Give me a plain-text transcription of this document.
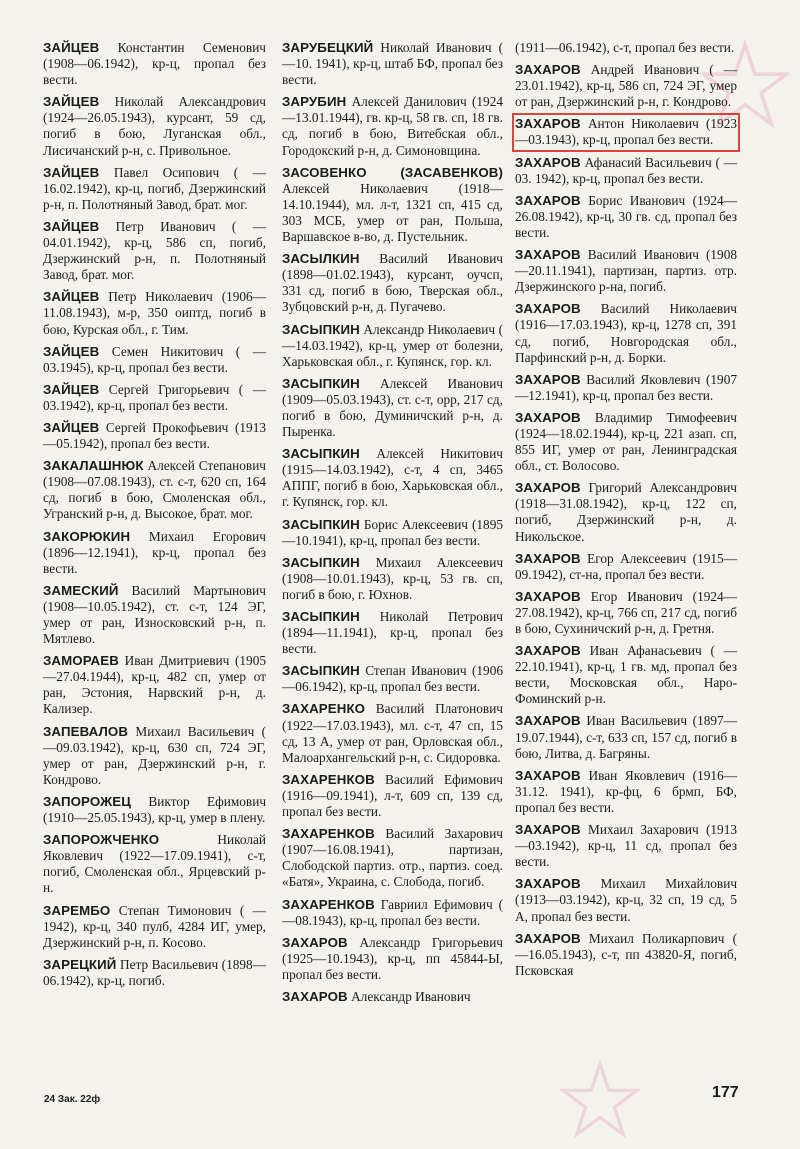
ЗАЙЦЕВ Константин Семенович (1908—06.1942), кр-ц, пропал без вести.
ЗАЙЦЕВ Николай Александрович (1924—26.05.1943), курсант, 59 сд, погиб в бою, Луганская обл., Лисичанский р-н, с. Привольное.
ЗАЙЦЕВ Павел Осипович ( —16.02.1942), кр-ц, погиб, Дзержинский р-н, п. Полотняный Завод, брат. мог.
ЗАЙЦЕВ Петр Иванович ( —04.01.1942), кр-ц, 586 сп, погиб, Дзержинский р-н, п. Полотняный Завод, брат. мог.
ЗАЙЦЕВ Петр Николаевич (1906—11.08.1943), м-р, 350 оиптд, погиб в бою, Курская обл., г. Тим.
ЗАЙЦЕВ Семен Никитович ( —03.1945), кр-ц, пропал без вести.
ЗАЙЦЕВ Сергей Григорьевич ( —03.1942), кр-ц, пропал без вести.
ЗАЙЦЕВ Сергей Прокофьевич (1913—05.1942), пропал без вести.
ЗАКАЛАШНЮК Алексей Степанович (1908—07.08.1943), ст. с-т, 620 сп, 164 сд, погиб в бою, Смоленская обл., Угранский р-н, д. Высокое, брат. мог.
ЗАКОРЮКИН Михаил Егорович (1896—12.1941), кр-ц, пропал без вести.
ЗАМЕСКИЙ Василий Мартынович (1908—10.05.1942), ст. с-т, 124 ЭГ, умер от ран, Износковский р-н, п. Мятлево.
ЗАМОРАЕВ Иван Дмитриевич (1905—27.04.1944), кр-ц, 482 сп, умер от ран, Эстония, Нарвский р-н, д. Кализер.
ЗАПЕВАЛОВ Михаил Васильевич ( —09.03.1942), кр-ц, 630 сп, 724 ЭГ, умер от ран, Дзержинский р-н, г. Кондрово.
ЗАПОРОЖЕЦ Виктор Ефимович (1910—25.05.1943), кр-ц, умер в плену.
ЗАПОРОЖЧЕНКО	Николай Яковлевич (1922—17.09.1941), с-т, погиб, Смоленская обл., Ярцевский р-н.
ЗАРЕМБО Степан Тимонович ( —1942), кр-ц, 340 пулб, 4284 ИГ, умер, Дзержинский р-н, п. Косово.
ЗАРЕЦКИЙ Петр Васильевич (1898—06.1942), кр-ц, погиб.
ЗАРУБЕЦКИЙ Николай Иванович ( —10. 1941), кр-ц, штаб БФ, пропал без вести.
ЗАРУБИН Алексей Данилович (1924—13.01.1944), гв. кр-ц, 58 гв. сп, 18 гв. сд, погиб в бою, Витебская обл., Городокский р-н, д. Симоновщина.
ЗАСОВЕНКО (ЗАСАВЕНКОВ) Алексей Николаевич (1918—14.10.1944), мл. л-т, 1321 сп, 415 сд, 303 МСБ, умер от ран, Польша, Варшавское в-во, д. Пустельник.
ЗАСЫЛКИН Василий Иванович (1898—01.02.1943), курсант, оучсп, 331 сд, погиб в бою, Тверская обл., Зубцовский р-н, д. Пугачево.
ЗАСЫПКИН Александр Николаевич ( —14.03.1942), кр-ц, умер от болезни, Харьковская обл., г. Купянск, гор. кл.
ЗАСЫПКИН Алексей Иванович (1909—05.03.1943), ст. с-т, орр, 217 сд, погиб в бою, Думиничский р-н, д. Пыренка.
ЗАСЫПКИН Алексей Никитович (1915—14.03.1942), с-т, 4 сп, 3465 АППГ, погиб в бою, Харьковская обл., г. Купянск, гор. кл.
ЗАСЫПКИН Борис Алексеевич (1895—10.1941), кр-ц, пропал без вести.
ЗАСЫПКИН Михаил Алексеевич (1908—10.01.1943), кр-ц, 53 гв. сп, погиб в бою, г. Юхнов.
ЗАСЫПКИН Николай Петрович (1894—11.1941), кр-ц, пропал без вести.
ЗАСЫПКИН Степан Иванович (1906—06.1942), кр-ц, пропал без вести.
ЗАХАРЕНКО Василий Платонович (1922—17.03.1943), мл. с-т, 47 сп, 15 сд, 13 А, умер от ран, Орловская обл., Малоархангельский р-н, с. Сидоровка.
ЗАХАРЕНКОВ Василий Ефимович (1916—09.1941), л-т, 609 сп, 139 сд, пропал без вести.
ЗАХАРЕНКОВ Василий Захарович (1907—16.08.1941), партизан, Слободской партиз. отр., партиз. соед. «Батя», Украина, с. Слобода, погиб.
ЗАХАРЕНКОВ Гавриил Ефимович ( —08.1943), кр-ц, пропал без вести.
ЗАХАРОВ Александр Григорьевич (1925—10.1943), кр-ц, пп 45844-Ы, пропал без вести.
ЗАХАРОВ Александр Иванович
(1911—06.1942), с-т, пропал без вести.
ЗАХАРОВ Андрей Иванович ( —23.01.1942), кр-ц, 586 сп, 724 ЭГ, умер от ран, Дзержинский р-н, г. Кондрово.
ЗАХАРОВ Антон Николаевич (1923—03.1943), кр-ц, пропал без вести.
ЗАХАРОВ Афанасий Васильевич ( —03. 1942), кр-ц, пропал без вести.
ЗАХАРОВ Борис Иванович (1924—26.08.1942), кр-ц, 30 гв. сд, пропал без вести.
ЗАХАРОВ Василий Иванович (1908—20.11.1941), партизан, партиз. отр. Дзержинского р-на, погиб.
ЗАХАРОВ Василий Николаевич (1916—17.03.1943), кр-ц, 1278 сп, 391 сд, погиб, Новгородская обл., Парфинский р-н, д. Борки.
ЗАХАРОВ Василий Яковлевич (1907—12.1941), кр-ц, пропал без вести.
ЗАХАРОВ Владимир Тимофеевич (1924—18.02.1944), кр-ц, 221 азап. сп, 855 ИГ, умер от ран, Ленинградская обл., ст. Волосово.
ЗАХАРОВ Григорий Александрович (1918—31.08.1942), кр-ц, 122 сп, погиб, Дзержинский р-н, д. Никольское.
ЗАХАРОВ Егор Алексеевич (1915—09.1942), ст-на, пропал без вести.
ЗАХАРОВ Егор Иванович (1924—27.08.1942), кр-ц, 766 сп, 217 сд, погиб в бою, Сухиничский р-н, д. Гретня.
ЗАХАРОВ Иван Афанасьевич ( —22.10.1941), кр-ц, 1 гв. мд, пропал без вести, Московская обл., Наро-Фоминский р-н.
ЗАХАРОВ Иван Васильевич (1897—19.07.1944), с-т, 633 сп, 157 сд, погиб в бою, Литва, д. Багряны.
ЗАХАРОВ Иван Яковлевич (1916—31.12. 1941), кр-фц, 6 брмп, БФ, пропал без вести.
ЗАХАРОВ Михаил Захарович (1913—03.1942), кр-ц, 11 сд, пропал без вести.
ЗАХАРОВ Михаил Михайлович (1913—03.1942), кр-ц, 32 сп, 19 сд, 5 А, пропал без вести.
ЗАХАРОВ Михаил Поликарпович ( —16.05.1943), с-т, пп 43820-Я, погиб, Псковская
24 Зак. 22ф	177
